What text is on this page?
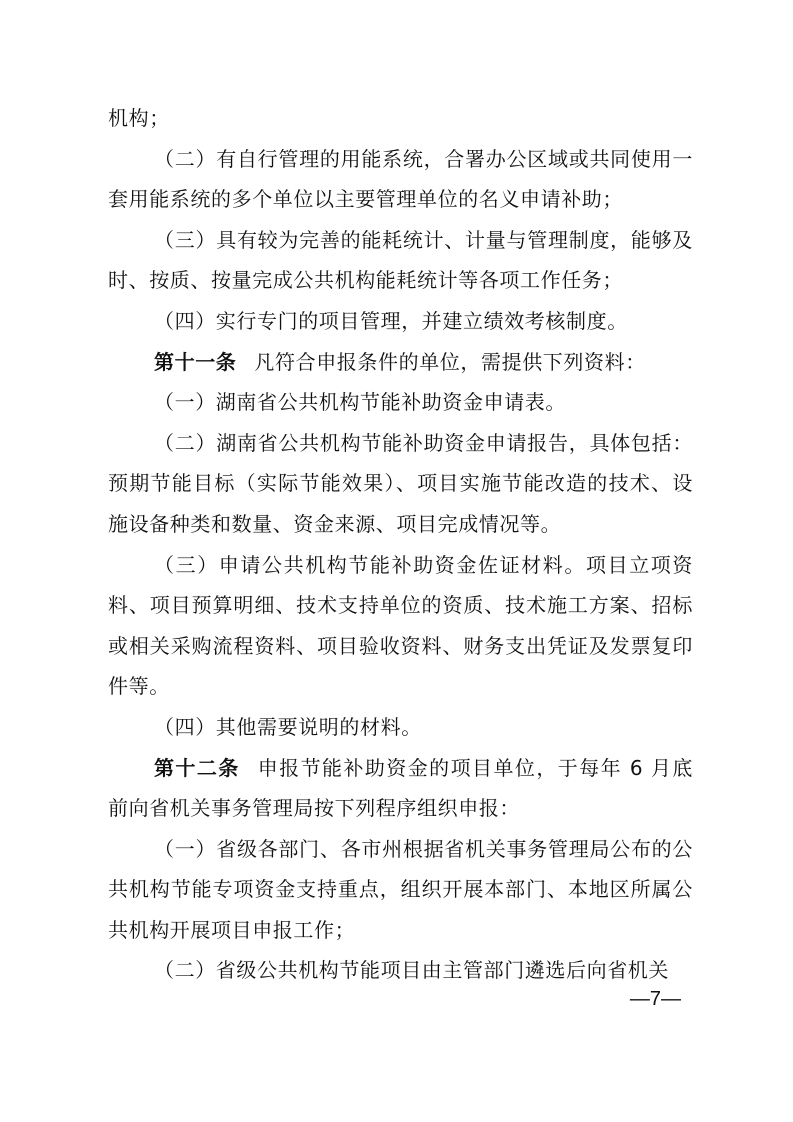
机构；

（二）有自行管理的用能系统，合署办公区域或共同使用一套用能系统的多个单位以主要管理单位的名义申请补助；

（三）具有较为完善的能耗统计、计量与管理制度，能够及时、按质、按量完成公共机构能耗统计等各项工作任务；

（四）实行专门的项目管理，并建立绩效考核制度。

第十一条 凡符合申报条件的单位，需提供下列资料：

（一）湖南省公共机构节能补助资金申请表。

（二）湖南省公共机构节能补助资金申请报告，具体包括：预期节能目标（实际节能效果）、项目实施节能改造的技术、设施设备种类和数量、资金来源、项目完成情况等。

（三）申请公共机构节能补助资金佐证材料。项目立项资料、项目预算明细、技术支持单位的资质、技术施工方案、招标或相关采购流程资料、项目验收资料、财务支出凭证及发票复印件等。

（四）其他需要说明的材料。

第十二条 申报节能补助资金的项目单位，于每年 6 月底前向省机关事务管理局按下列程序组织申报：

（一）省级各部门、各市州根据省机关事务管理局公布的公共机构节能专项资金支持重点，组织开展本部门、本地区所属公共机构开展项目申报工作；

（二）省级公共机构节能项目由主管部门遴选后向省机关

—7—
